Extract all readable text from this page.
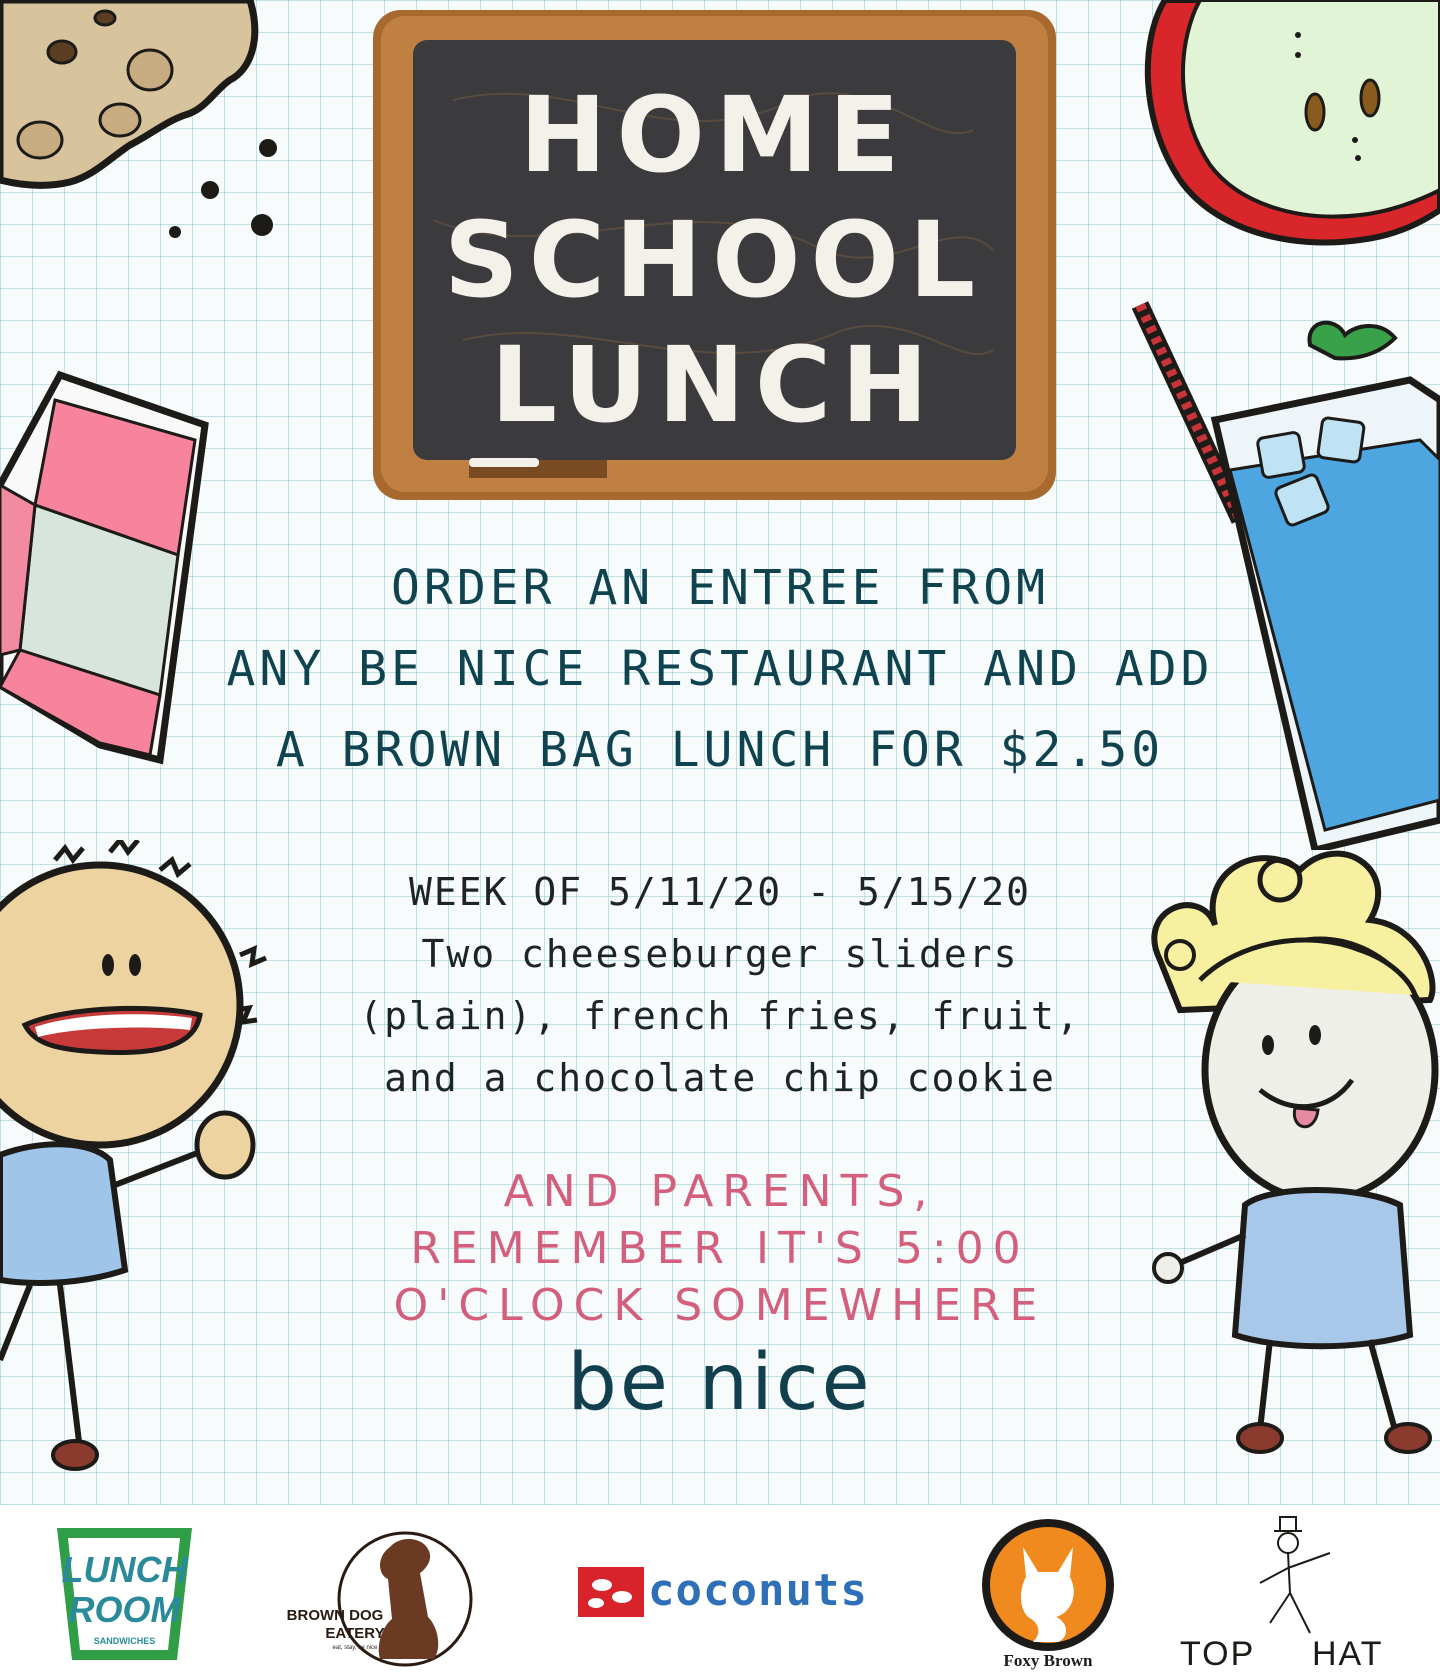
HOME
SCHOOL
LUNCH
ORDER AN ENTREE FROM
ANY BE NICE RESTAURANT AND ADD
A BROWN BAG LUNCH FOR $2.50
WEEK OF 5/11/20 - 5/15/20
Two cheeseburger sliders
(plain), french fries, fruit,
and a chocolate chip cookie
AND PARENTS,
REMEMBER IT'S 5:00
O'CLOCK SOMEWHERE
be nice
LUNCH
ROOM
SANDWICHES
BROWN DOG
EATERY
eat, stay, be nice
coconuts
Foxy Brown	TOP HAT
